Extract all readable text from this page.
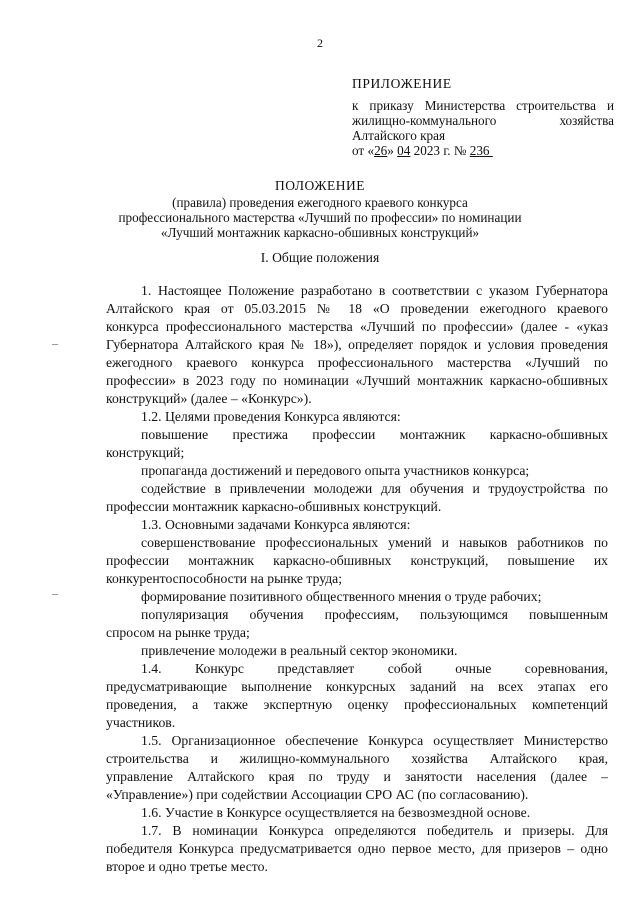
2
ПРИЛОЖЕНИЕ
к приказу Министерства строительства и
жилищно-коммунального хозяйства
Алтайского края
от «26» 04 2023 г. № 236
ПОЛОЖЕНИЕ
(правила) проведения ежегодного краевого конкурса
профессионального мастерства «Лучший по профессии» по номинации
«Лучший монтажник каркасно-обшивных конструкций»
I. Общие положения
1. Настоящее Положение разработано в соответствии с указом Губернатора
Алтайского края от 05.03.2015 № 18 «О проведении ежегодного краевого
конкурса профессионального мастерства «Лучший по профессии» (далее - «указ
Губернатора Алтайского края № 18»), определяет порядок и условия проведения
ежегодного краевого конкурса профессионального мастерства «Лучший по
профессии» в 2023 году по номинации «Лучший монтажник каркасно-обшивных
конструкций» (далее – «Конкурс»).
1.2. Целями проведения Конкурса являются:
повышение престижа профессии монтажник каркасно-обшивных
конструкций;
пропаганда достижений и передового опыта участников конкурса;
содействие в привлечении молодежи для обучения и трудоустройства по
профессии монтажник каркасно-обшивных конструкций.
1.3. Основными задачами Конкурса являются:
совершенствование профессиональных умений и навыков работников по
профессии монтажник каркасно-обшивных конструкций, повышение их
конкурентоспособности на рынке труда;
формирование позитивного общественного мнения о труде рабочих;
популяризация обучения профессиям, пользующимся повышенным
спросом на рынке труда;
привлечение молодежи в реальный сектор экономики.
1.4. Конкурс представляет собой очные соревнования,
предусматривающие выполнение конкурсных заданий на всех этапах его
проведения, а также экспертную оценку профессиональных компетенций
участников.
1.5. Организационное обеспечение Конкурса осуществляет Министерство
строительства и жилищно-коммунального хозяйства Алтайского края,
управление Алтайского края по труду и занятости населения (далее –
«Управление») при содействии Ассоциации СРО АС (по согласованию).
1.6. Участие в Конкурсе осуществляется на безвозмездной основе.
1.7. В номинации Конкурса определяются победитель и призеры. Для
победителя Конкурса предусматривается одно первое место, для призеров – одно
второе и одно третье место.
–
–
